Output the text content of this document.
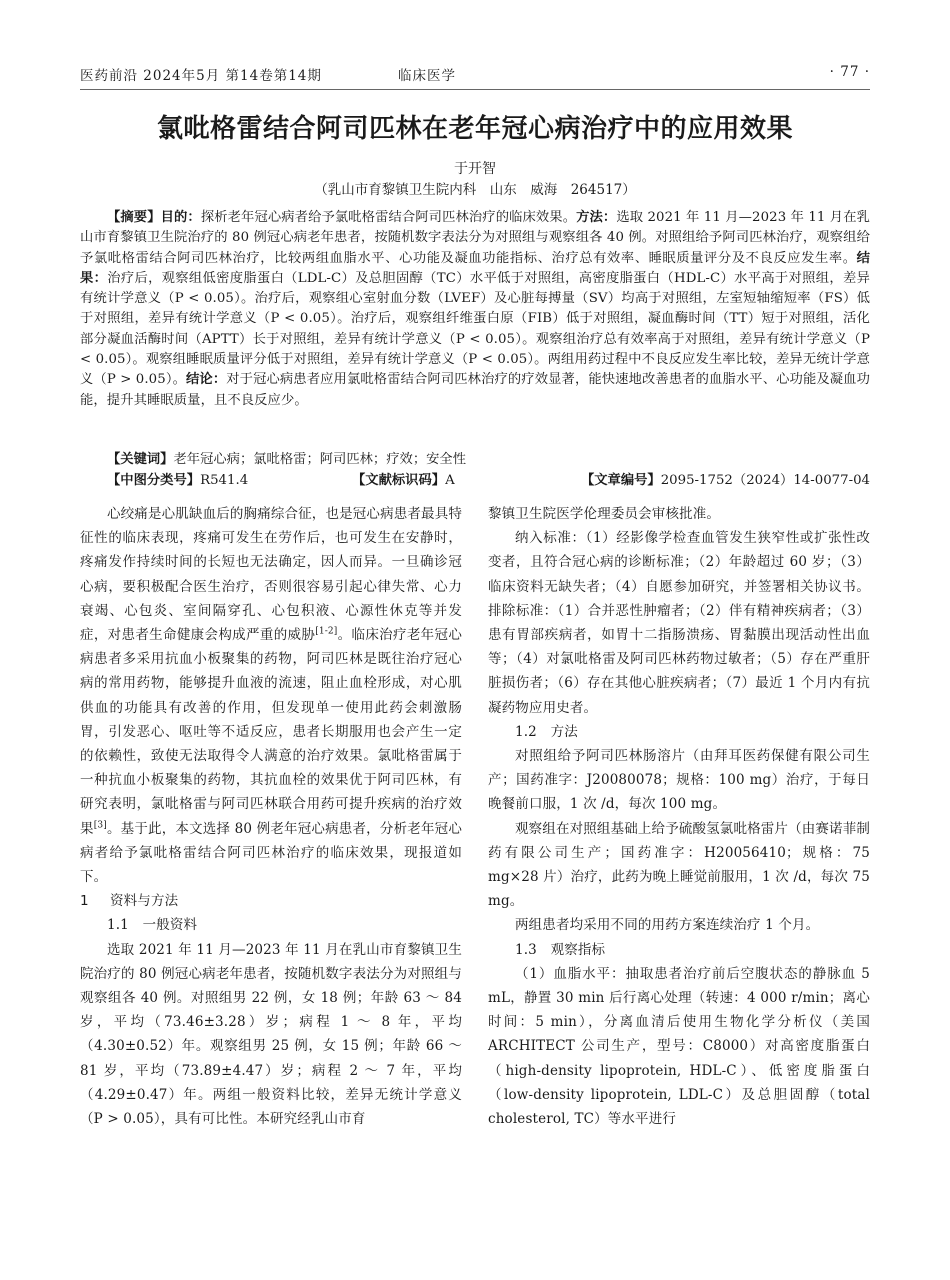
医药前沿 2024年5月 第14卷第14期	临床医学	· 77 ·
氯吡格雷结合阿司匹林在老年冠心病治疗中的应用效果
于开智
（乳山市育黎镇卫生院内科　山东　威海　264517）
【摘要】目的：探析老年冠心病者给予氯吡格雷结合阿司匹林治疗的临床效果。方法：选取 2021 年 11 月—2023 年 11 月在乳山市育黎镇卫生院治疗的 80 例冠心病老年患者，按随机数字表法分为对照组与观察组各 40 例。对照组给予阿司匹林治疗，观察组给予氯吡格雷结合阿司匹林治疗，比较两组血脂水平、心功能及凝血功能指标、治疗总有效率、睡眠质量评分及不良反应发生率。结果：治疗后，观察组低密度脂蛋白（LDL-C）及总胆固醇（TC）水平低于对照组，高密度脂蛋白（HDL-C）水平高于对照组，差异有统计学意义（P < 0.05）。治疗后，观察组心室射血分数（LVEF）及心脏每搏量（SV）均高于对照组，左室短轴缩短率（FS）低于对照组，差异有统计学意义（P < 0.05）。治疗后，观察组纤维蛋白原（FIB）低于对照组，凝血酶时间（TT）短于对照组，活化部分凝血活酶时间（APTT）长于对照组，差异有统计学意义（P < 0.05）。观察组治疗总有效率高于对照组，差异有统计学意义（P < 0.05）。观察组睡眠质量评分低于对照组，差异有统计学意义（P < 0.05）。两组用药过程中不良反应发生率比较，差异无统计学意义（P > 0.05）。结论：对于冠心病患者应用氯吡格雷结合阿司匹林治疗的疗效显著，能快速地改善患者的血脂水平、心功能及凝血功能，提升其睡眠质量，且不良反应少。
【关键词】老年冠心病；氯吡格雷；阿司匹林；疗效；安全性
【中图分类号】R541.4	【文献标识码】A	【文章编号】2095-1752（2024）14-0077-04

心绞痛是心肌缺血后的胸痛综合征，也是冠心病患者最具特征性的临床表现，疼痛可发生在劳作后，也可发生在安静时，疼痛发作持续时间的长短也无法确定，因人而异。一旦确诊冠心病，要积极配合医生治疗，否则很容易引起心律失常、心力衰竭、心包炎、室间隔穿孔、心包积液、心源性休克等并发症，对患者生命健康会构成严重的威胁[1-2]。临床治疗老年冠心病患者多采用抗血小板聚集的药物，阿司匹林是既往治疗冠心病的常用药物，能够提升血液的流速，阻止血栓形成，对心肌供血的功能具有改善的作用，但发现单一使用此药会刺激肠胃，引发恶心、呕吐等不适反应，患者长期服用也会产生一定的依赖性，致使无法取得令人满意的治疗效果。氯吡格雷属于一种抗血小板聚集的药物，其抗血栓的效果优于阿司匹林，有研究表明，氯吡格雷与阿司匹林联合用药可提升疾病的治疗效果[3]。基于此，本文选择 80 例老年冠心病患者，分析老年冠心病者给予氯吡格雷结合阿司匹林治疗的临床效果，现报道如下。

1 资料与方法

1.1　一般资料

选取 2021 年 11 月—2023 年 11 月在乳山市育黎镇卫生院治疗的 80 例冠心病老年患者，按随机数字表法分为对照组与观察组各 40 例。对照组男 22 例，女 18 例；年龄 63 ～ 84 岁，平均（73.46±3.28）岁；病程 1 ～ 8 年，平均（4.30±0.52）年。观察组男 25 例，女 15 例；年龄 66 ～ 81 岁，平均（73.89±4.47）岁；病程 2 ～ 7 年，平均（4.29±0.47）年。两组一般资料比较，差异无统计学意义（P > 0.05），具有可比性。本研究经乳山市育

黎镇卫生院医学伦理委员会审核批准。

纳入标准：（1）经影像学检查血管发生狭窄性或扩张性改变者，且符合冠心病的诊断标准；（2）年龄超过 60 岁；（3）临床资料无缺失者；（4）自愿参加研究，并签署相关协议书。排除标准：（1）合并恶性肿瘤者；（2）伴有精神疾病者；（3）患有胃部疾病者，如胃十二指肠溃疡、胃黏膜出现活动性出血等；（4）对氯吡格雷及阿司匹林药物过敏者；（5）存在严重肝脏损伤者；（6）存在其他心脏疾病者；（7）最近 1 个月内有抗凝药物应用史者。

1.2　方法

对照组给予阿司匹林肠溶片（由拜耳医药保健有限公司生产；国药准字：J20080078；规格：100 mg）治疗，于每日晚餐前口服，1 次 /d，每次 100 mg。

观察组在对照组基础上给予硫酸氢氯吡格雷片（由赛诺菲制药有限公司生产；国药准字：H20056410；规格：75 mg×28 片）治疗，此药为晚上睡觉前服用，1 次 /d，每次 75 mg。

两组患者均采用不同的用药方案连续治疗 1 个月。

1.3　观察指标

（1）血脂水平：抽取患者治疗前后空腹状态的静脉血 5 mL，静置 30 min 后行离心处理（转速：4 000 r/min；离心时间：5 min），分离血清后使用生物化学分析仪（美国 ARCHITECT 公司生产，型号：C8000）对高密度脂蛋白（high-density lipoprotein, HDL-C）、低密度脂蛋白（low-density lipoprotein, LDL-C）及总胆固醇（total cholesterol, TC）等水平进行
